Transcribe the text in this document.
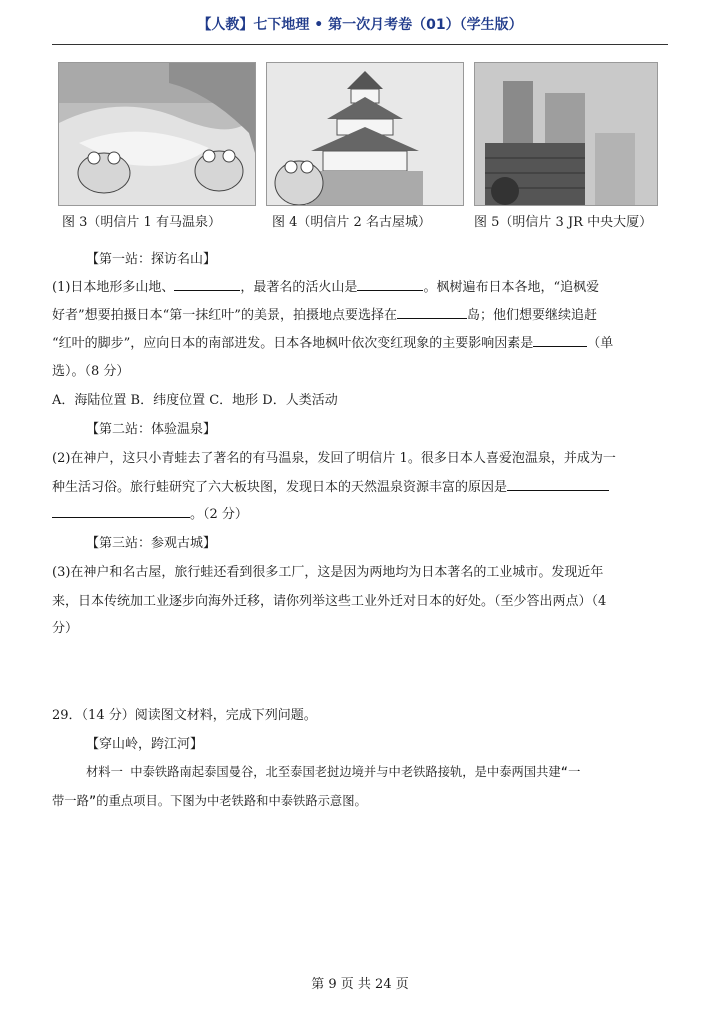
【人教】七下地理 • 第一次月考卷（01）（学生版）
图 3（明信片 1 有马温泉）	图 4（明信片 2 名古屋城）	图 5（明信片 3 JR 中央大厦）
【第一站：探访名山】
(1)日本地形多山地、	，最著名的活火山是	。枫树遍布日本各地，“追枫爱
好者”想要拍摄日本“第一抹红叶”的美景，拍摄地点要选择在	岛；他们想要继续追赶
“红叶的脚步”，应向日本的南部进发。日本各地枫叶依次变红现象的主要影响因素是	（单
选）。（8 分）
A．海陆位置 B．纬度位置 C．地形 D．人类活动
【第二站：体验温泉】
(2)在神户，这只小青蛙去了著名的有马温泉，发回了明信片 1。很多日本人喜爱泡温泉，并成为一
种生活习俗。旅行蛙研究了六大板块图，发现日本的天然温泉资源丰富的原因是
。（2 分）
【第三站：参观古城】
(3)在神户和名古屋，旅行蛙还看到很多工厂，这是因为两地均为日本著名的工业城市。发现近年
来，日本传统加工业逐步向海外迁移，请你列举这些工业外迁对日本的好处。（至少答出两点）（4
分）
29．（14 分）阅读图文材料，完成下列问题。
【穿山岭，跨江河】
材料一 中泰铁路南起泰国曼谷，北至泰国老挝边境并与中老铁路接轨，是中泰两国共建“一
带一路”的重点项目。下图为中老铁路和中泰铁路示意图。
第 9 页 共 24 页
